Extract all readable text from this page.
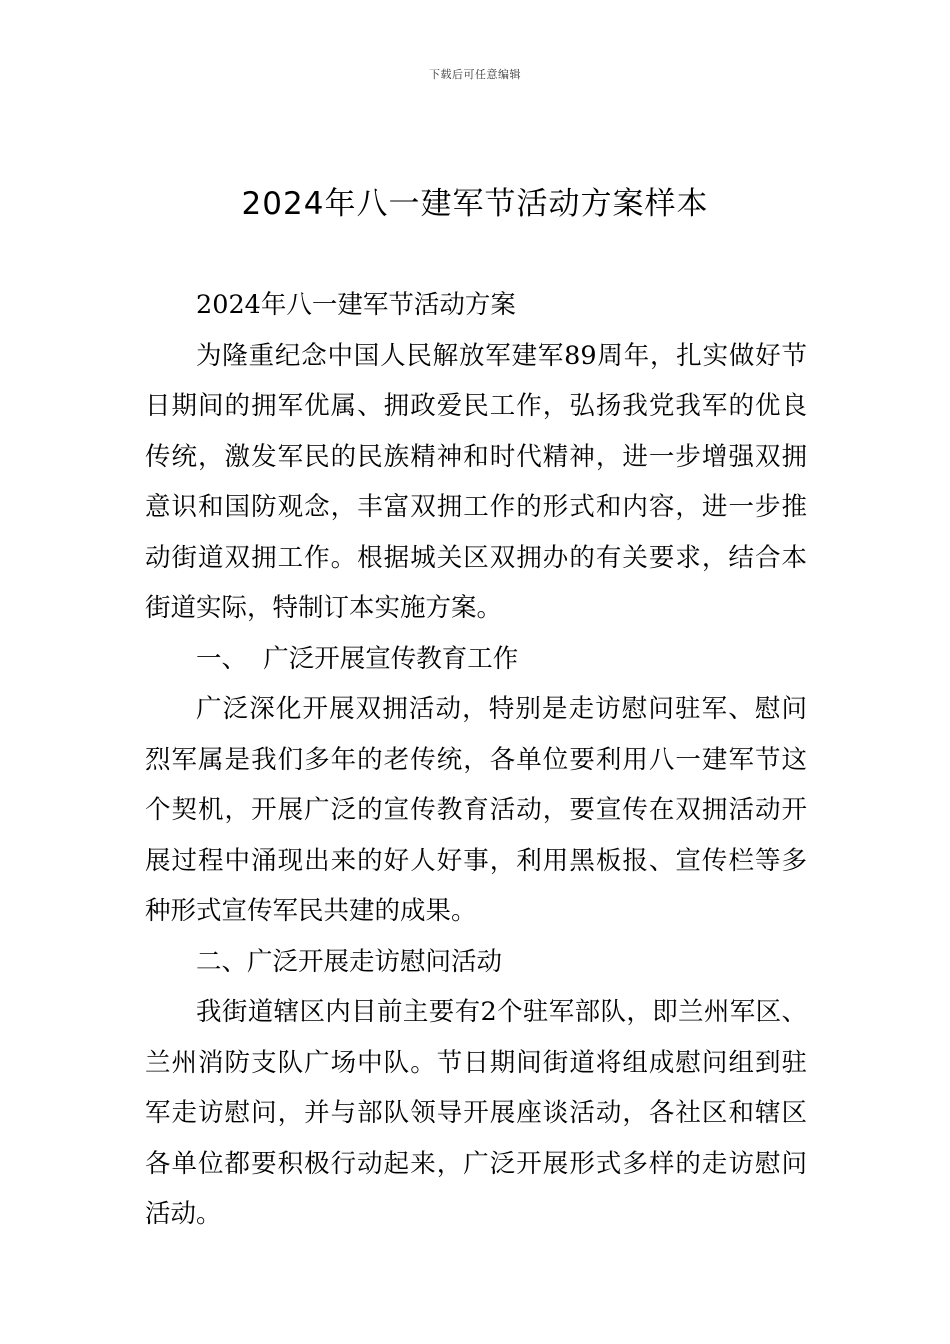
下载后可任意编辑
2024年八一建军节活动方案样本

2024年八一建军节活动方案

为隆重纪念中国人民解放军建军89周年，扎实做好节日期间的拥军优属、拥政爱民工作，弘扬我党我军的优良传统，激发军民的民族精神和时代精神，进一步增强双拥意识和国防观念，丰富双拥工作的形式和内容，进一步推动街道双拥工作。根据城关区双拥办的有关要求，结合本街道实际，特制订本实施方案。

一、  广泛开展宣传教育工作

广泛深化开展双拥活动，特别是走访慰问驻军、慰问烈军属是我们多年的老传统，各单位要利用八一建军节这个契机，开展广泛的宣传教育活动，要宣传在双拥活动开展过程中涌现出来的好人好事，利用黑板报、宣传栏等多种形式宣传军民共建的成果。

二、广泛开展走访慰问活动

我街道辖区内目前主要有2个驻军部队，即兰州军区、兰州消防支队广场中队。节日期间街道将组成慰问组到驻军走访慰问，并与部队领导开展座谈活动，各社区和辖区各单位都要积极行动起来，广泛开展形式多样的走访慰问活动。
